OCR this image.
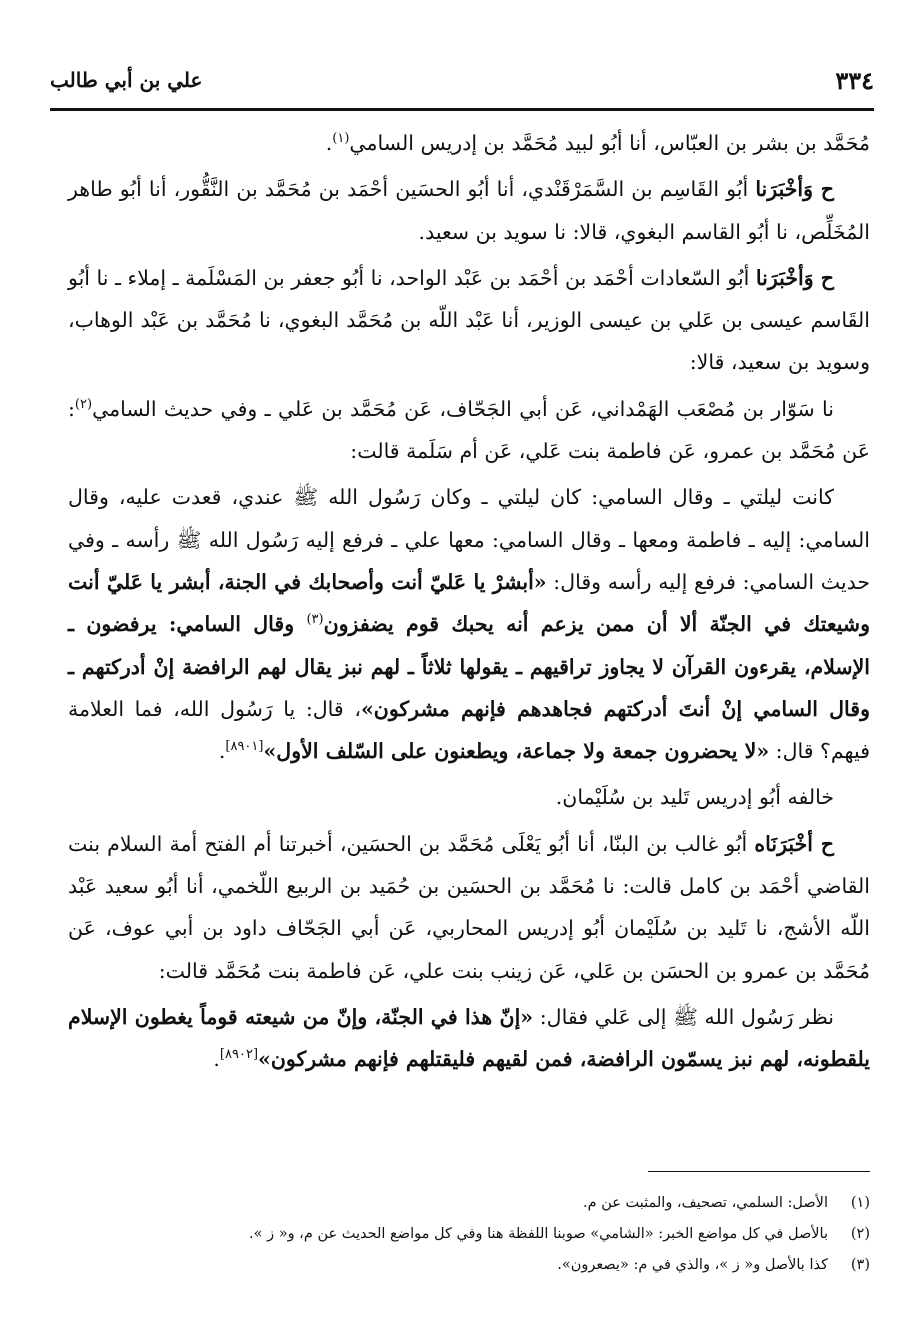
٣٣٤
علي بن أبي طالب

مُحَمَّد بن بشر بن العبّاس، أنا أبُو لبيد مُحَمَّد بن إدريس السامي$^{(١)}$.

ح وَأخْبَرَنا أبُو القَاسِم بن السَّمَرْقَنْدي، أنا أبُو الحسَين أحْمَد بن مُحَمَّد بن النَّقُّور، أنا أبُو طاهر المُخَلِّص، نا أبُو القاسم البغوي، قالا: نا سويد بن سعيد.

ح وَأخْبَرَنا أبُو السّعادات أحْمَد بن أحْمَد بن عَبْد الواحد، نا أبُو جعفر بن المَسْلَمة ـ إملاء ـ نا أبُو القَاسم عيسى بن عَلي بن عيسى الوزير، أنا عَبْد اللّه بن مُحَمَّد البغوي، نا مُحَمَّد بن عَبْد الوهاب، وسويد بن سعيد، قالا:

نا سَوّار بن مُصْعَب الهَمْداني، عَن أبي الجَحّاف، عَن مُحَمَّد بن عَلي ـ وفي حديث السامي$^{(٢)}$: عَن مُحَمَّد بن عمرو، عَن فاطمة بنت عَلي، عَن أم سَلَمة قالت:

كانت ليلتي ـ وقال السامي: كان ليلتي ـ وكان رَسُول الله ﷺ عندي، قعدت عليه، وقال السامي: إليه ـ فاطمة ومعها ـ وقال السامي: معها علي ـ فرفع إليه رَسُول الله ﷺ رأسه ـ وفي حديث السامي: فرفع إليه رأسه وقال: «أبشرْ يا عَليّ أنت وأصحابك في الجنة، أبشر يا عَليّ أنت وشيعتك في الجنّة ألا أن ممن يزعم أنه يحبك قوم يضفزون$^{(٣)}$ وقال السامي: يرفضون ـ الإسلام، يقرءون القرآن لا يجاوز تراقيهم ـ يقولها ثلاثاً ـ لهم نبز يقال لهم الرافضة إنْ أدركتهم ـ وقال السامي إنْ أنتَ أدركتهم فجاهدهم فإنهم مشركون»، قال: يا رَسُول الله، فما العلامة فيهم؟ قال: «لا يحضرون جمعة ولا جماعة، ويطعنون على السّلف الأول»[٨٩٠١].

خالفه أبُو إدريس تَليد بن سُلَيْمان.

ح أخْبَرَنَاه أبُو غالب بن البنّا، أنا أبُو يَعْلَى مُحَمَّد بن الحسَين، أخبرتنا أم الفتح أمة السلام بنت القاضي أحْمَد بن كامل قالت: نا مُحَمَّد بن الحسَين بن حُمَيد بن الربيع اللّخمي، أنا أبُو سعيد عَبْد اللّه الأشج، نا تَليد بن سُلَيْمان أبُو إدريس المحاربي، عَن أبي الجَحّاف داود بن أبي عوف، عَن مُحَمَّد بن عمرو بن الحسَن بن عَلي، عَن زينب بنت علي، عَن فاطمة بنت مُحَمَّد قالت:

نظر رَسُول الله ﷺ إلى عَلي فقال: «إنّ هذا في الجنّة، وإنّ من شيعته قوماً يغطون الإسلام يلقطونه، لهم نبز يسمّون الرافضة، فمن لقيهم فليقتلهم فإنهم مشركون»[٨٩٠٢].

(١)الأصل: السلمي، تصحيف، والمثبت عن م.

(٢)بالأصل في كل مواضع الخبر: «الشامي» صوبنا اللفظة هنا وفي كل مواضع الحديث عن م، و« ز ».

(٣)كذا بالأصل و« ز »، والذي في م: «يصعرون».
